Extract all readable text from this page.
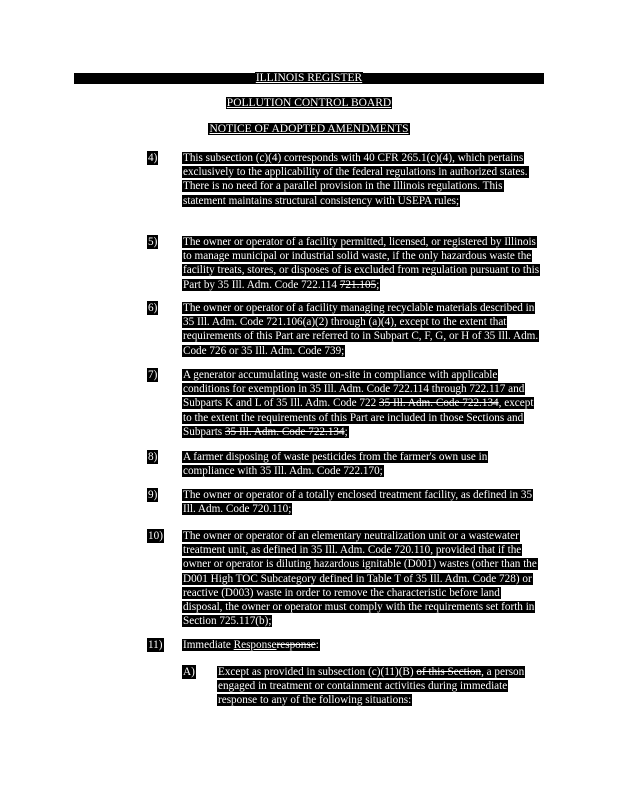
ILLINOIS REGISTER
POLLUTION CONTROL BOARD
NOTICE OF ADOPTED AMENDMENTS
4) This subsection (c)(4) corresponds with 40 CFR 265.1(c)(4), which pertains exclusively to the applicability of the federal regulations in authorized states. There is no need for a parallel provision in the Illinois regulations. This statement maintains structural consistency with USEPA rules;
5) The owner or operator of a facility permitted, licensed, or registered by Illinois to manage municipal or industrial solid waste, if the only hazardous waste the facility treats, stores, or disposes of is excluded from regulation pursuant to this Part by 35 Ill. Adm. Code 722.114 721.105;
6) The owner or operator of a facility managing recyclable materials described in 35 Ill. Adm. Code 721.106(a)(2) through (a)(4), except to the extent that requirements of this Part are referred to in Subpart C, F, G, or H of 35 Ill. Adm. Code 726 or 35 Ill. Adm. Code 739;
7) A generator accumulating waste on-site in compliance with applicable conditions for exemption in 35 Ill. Adm. Code 722.114 through 722.117 and Subparts K and L of 35 Ill. Adm. Code 722 35 Ill. Adm. Code 722.134, except to the extent the requirements of this Part are included in those Sections and Subparts 35 Ill. Adm. Code 722.134;
8) A farmer disposing of waste pesticides from the farmer's own use in compliance with 35 Ill. Adm. Code 722.170;
9) The owner or operator of a totally enclosed treatment facility, as defined in 35 Ill. Adm. Code 720.110;
10) The owner or operator of an elementary neutralization unit or a wastewater treatment unit, as defined in 35 Ill. Adm. Code 720.110, provided that if the owner or operator is diluting hazardous ignitable (D001) wastes (other than the D001 High TOC Subcategory defined in Table T of 35 Ill. Adm. Code 728) or reactive (D003) waste in order to remove the characteristic before land disposal, the owner or operator must comply with the requirements set forth in Section 725.117(b);
11) Immediate Responseresponse:
A) Except as provided in subsection (c)(11)(B) of this Section, a person engaged in treatment or containment activities during immediate response to any of the following situations:
